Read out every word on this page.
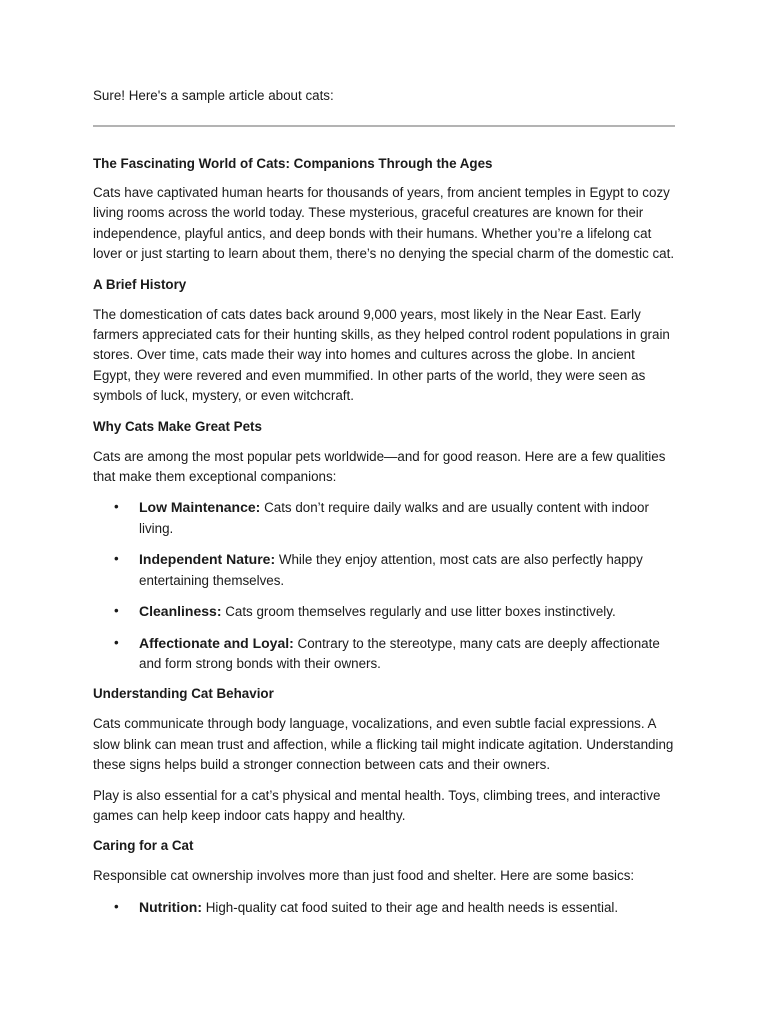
Sure! Here's a sample article about cats:

The Fascinating World of Cats: Companions Through the Ages

Cats have captivated human hearts for thousands of years, from ancient temples in Egypt to cozy living rooms across the world today. These mysterious, graceful creatures are known for their independence, playful antics, and deep bonds with their humans. Whether you’re a lifelong cat lover or just starting to learn about them, there’s no denying the special charm of the domestic cat.

A Brief History

The domestication of cats dates back around 9,000 years, most likely in the Near East. Early farmers appreciated cats for their hunting skills, as they helped control rodent populations in grain stores. Over time, cats made their way into homes and cultures across the globe. In ancient Egypt, they were revered and even mummified. In other parts of the world, they were seen as symbols of luck, mystery, or even witchcraft.

Why Cats Make Great Pets

Cats are among the most popular pets worldwide—and for good reason. Here are a few qualities that make them exceptional companions:

• Low Maintenance: Cats don’t require daily walks and are usually content with indoor living.
• Independent Nature: While they enjoy attention, most cats are also perfectly happy entertaining themselves.
• Cleanliness: Cats groom themselves regularly and use litter boxes instinctively.
• Affectionate and Loyal: Contrary to the stereotype, many cats are deeply affectionate and form strong bonds with their owners.
Understanding Cat Behavior

Cats communicate through body language, vocalizations, and even subtle facial expressions. A slow blink can mean trust and affection, while a flicking tail might indicate agitation. Understanding these signs helps build a stronger connection between cats and their owners.

Play is also essential for a cat’s physical and mental health. Toys, climbing trees, and interactive games can help keep indoor cats happy and healthy.

Caring for a Cat

Responsible cat ownership involves more than just food and shelter. Here are some basics:

• Nutrition: High-quality cat food suited to their age and health needs is essential.
